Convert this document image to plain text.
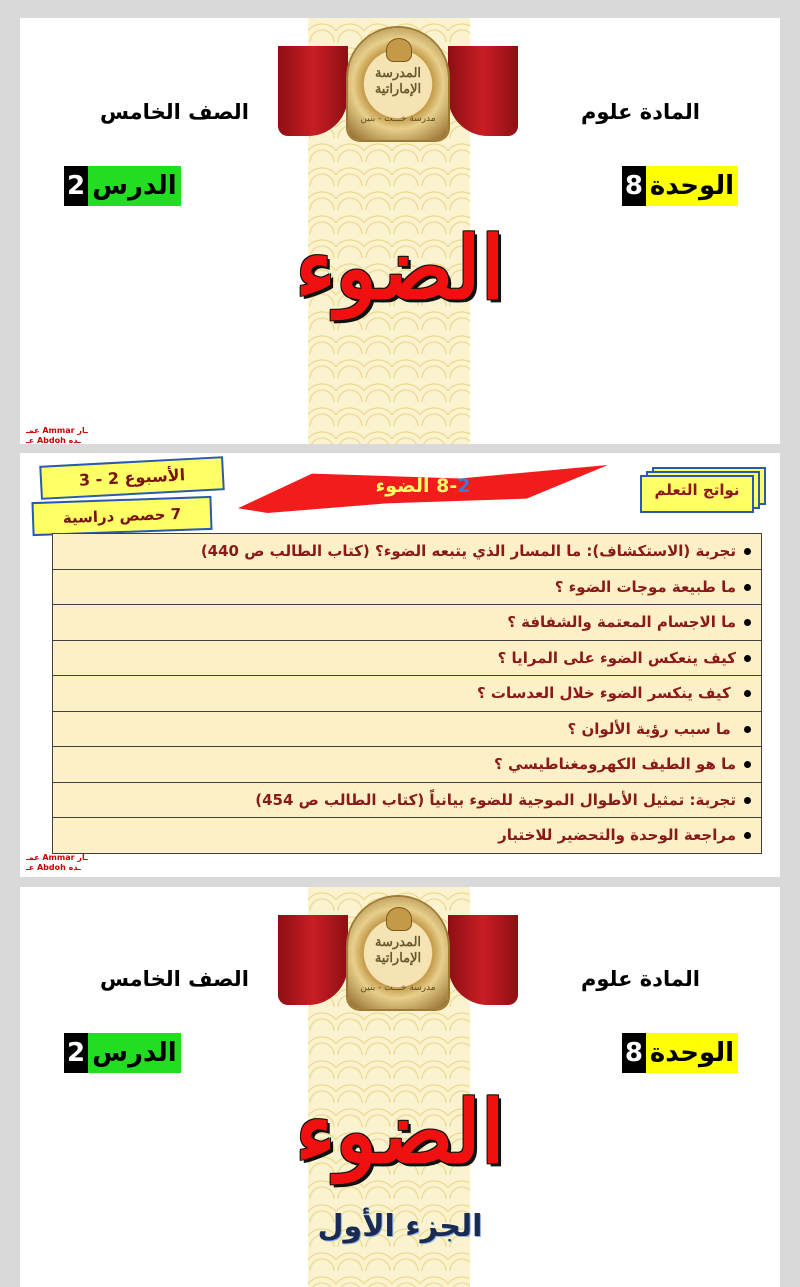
المدرسة
الإماراتية
مدرسة خـــت - بنين	المادة علوم
الصف الخامس
الوحدة8
الدرس2
الضوء
عمـ Ammar ـار
عـ Abdoh ـده
الأسبوع 2 - 3
7 حصص دراسية
8-2 الضوء	نواتج التعلم
تجربة (الاستكشاف): ما المسار الذي يتبعه الضوء؟ (كتاب الطالب ص 440)
ما طبيعة موجات الضوء ؟
ما الاجسام المعتمة والشفافة ؟
كيف ينعكس الضوء على المرايا ؟
كيف ينكسر الضوء خلال العدسات ؟
ما سبب رؤية الألوان ؟
ما هو الطيف الكهرومغناطيسي ؟
تجربة: تمثيل الأطوال الموجية للضوء بيانياً (كتاب الطالب ص 454)
مراجعة الوحدة والتحضير للاختبار
عمـ Ammar ـار
عـ Abdoh ـده
المدرسة
الإماراتية
مدرسة خـــت - بنين	المادة علوم
الصف الخامس
الوحدة8
الدرس2
الضوء
الجزء الأول
